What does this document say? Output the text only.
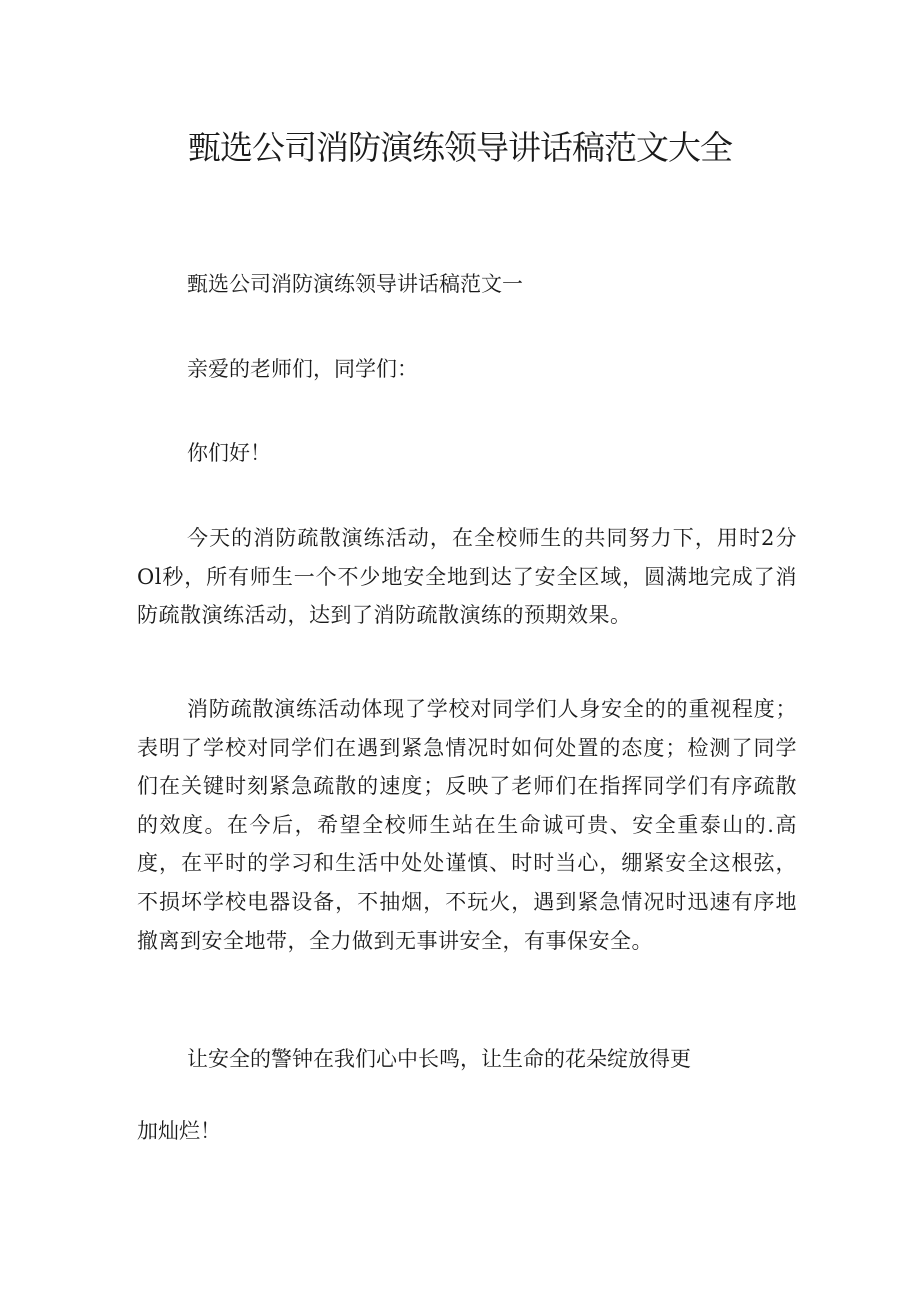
甄选公司消防演练领导讲话稿范文大全

甄选公司消防演练领导讲话稿范文一

亲爱的老师们，同学们：

你们好！

今天的消防疏散演练活动，在全校师生的共同努力下，用时2分Ol秒，所有师生一个不少地安全地到达了安全区域，圆满地完成了消防疏散演练活动，达到了消防疏散演练的预期效果。

消防疏散演练活动体现了学校对同学们人身安全的的重视程度；表明了学校对同学们在遇到紧急情况时如何处置的态度；检测了同学们在关键时刻紧急疏散的速度；反映了老师们在指挥同学们有序疏散的效度。在今后，希望全校师生站在生命诚可贵、安全重泰山的.高度，在平时的学习和生活中处处谨慎、时时当心，绷紧安全这根弦，不损坏学校电器设备，不抽烟，不玩火，遇到紧急情况时迅速有序地撤离到安全地带，全力做到无事讲安全，有事保安全。

让安全的警钟在我们心中长鸣，让生命的花朵绽放得更

加灿烂！
